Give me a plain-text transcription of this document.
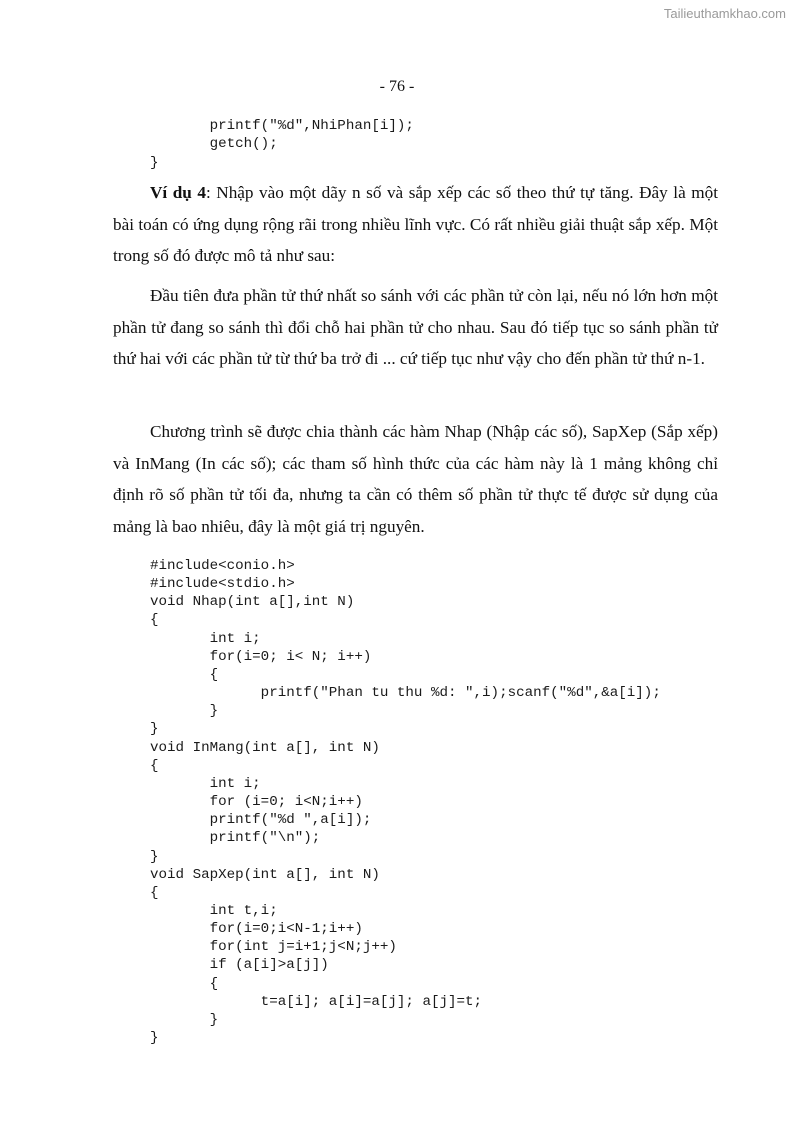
Tailieuthamkhao.com
- 76 -
printf("%d",NhiPhan[i]);
getch();
}

Ví dụ 4: Nhập vào một dãy n số và sắp xếp các số theo thứ tự tăng. Đây là một bài toán có ứng dụng rộng rãi trong nhiều lĩnh vực. Có rất nhiều giải thuật sắp xếp. Một trong số đó được mô tả như sau:

Đầu tiên đưa phần tử thứ nhất so sánh với các phần tử còn lại, nếu nó lớn hơn một phần tử đang so sánh thì đổi chỗ hai phần tử cho nhau. Sau đó tiếp tục so sánh phần tử thứ hai với các phần tử từ thứ ba trở đi ... cứ tiếp tục như vậy cho đến phần tử thứ n-1.

Chương trình sẽ được chia thành các hàm Nhap (Nhập các số), SapXep (Sắp xếp) và InMang (In các số); các tham số hình thức của các hàm này là 1 mảng không chỉ định rõ số phần tử tối đa, nhưng ta cần có thêm số phần tử thực tế được sử dụng của mảng là bao nhiêu, đây là một giá trị nguyên.

#include<conio.h>
#include<stdio.h>
void Nhap(int a[],int N)
{
int i;
for(i=0; i< N; i++)
{
printf("Phan tu thu %d: ",i);scanf("%d",&a[i]);
}
}
void InMang(int a[], int N)
{
int i;
for (i=0; i<N;i++)
printf("%d ",a[i]);
printf("\n");
}
void SapXep(int a[], int N)
{
int t,i;
for(i=0;i<N-1;i++)
for(int j=i+1;j<N;j++)
if (a[i]>a[j])
{
t=a[i]; a[i]=a[j]; a[j]=t;
}
}
